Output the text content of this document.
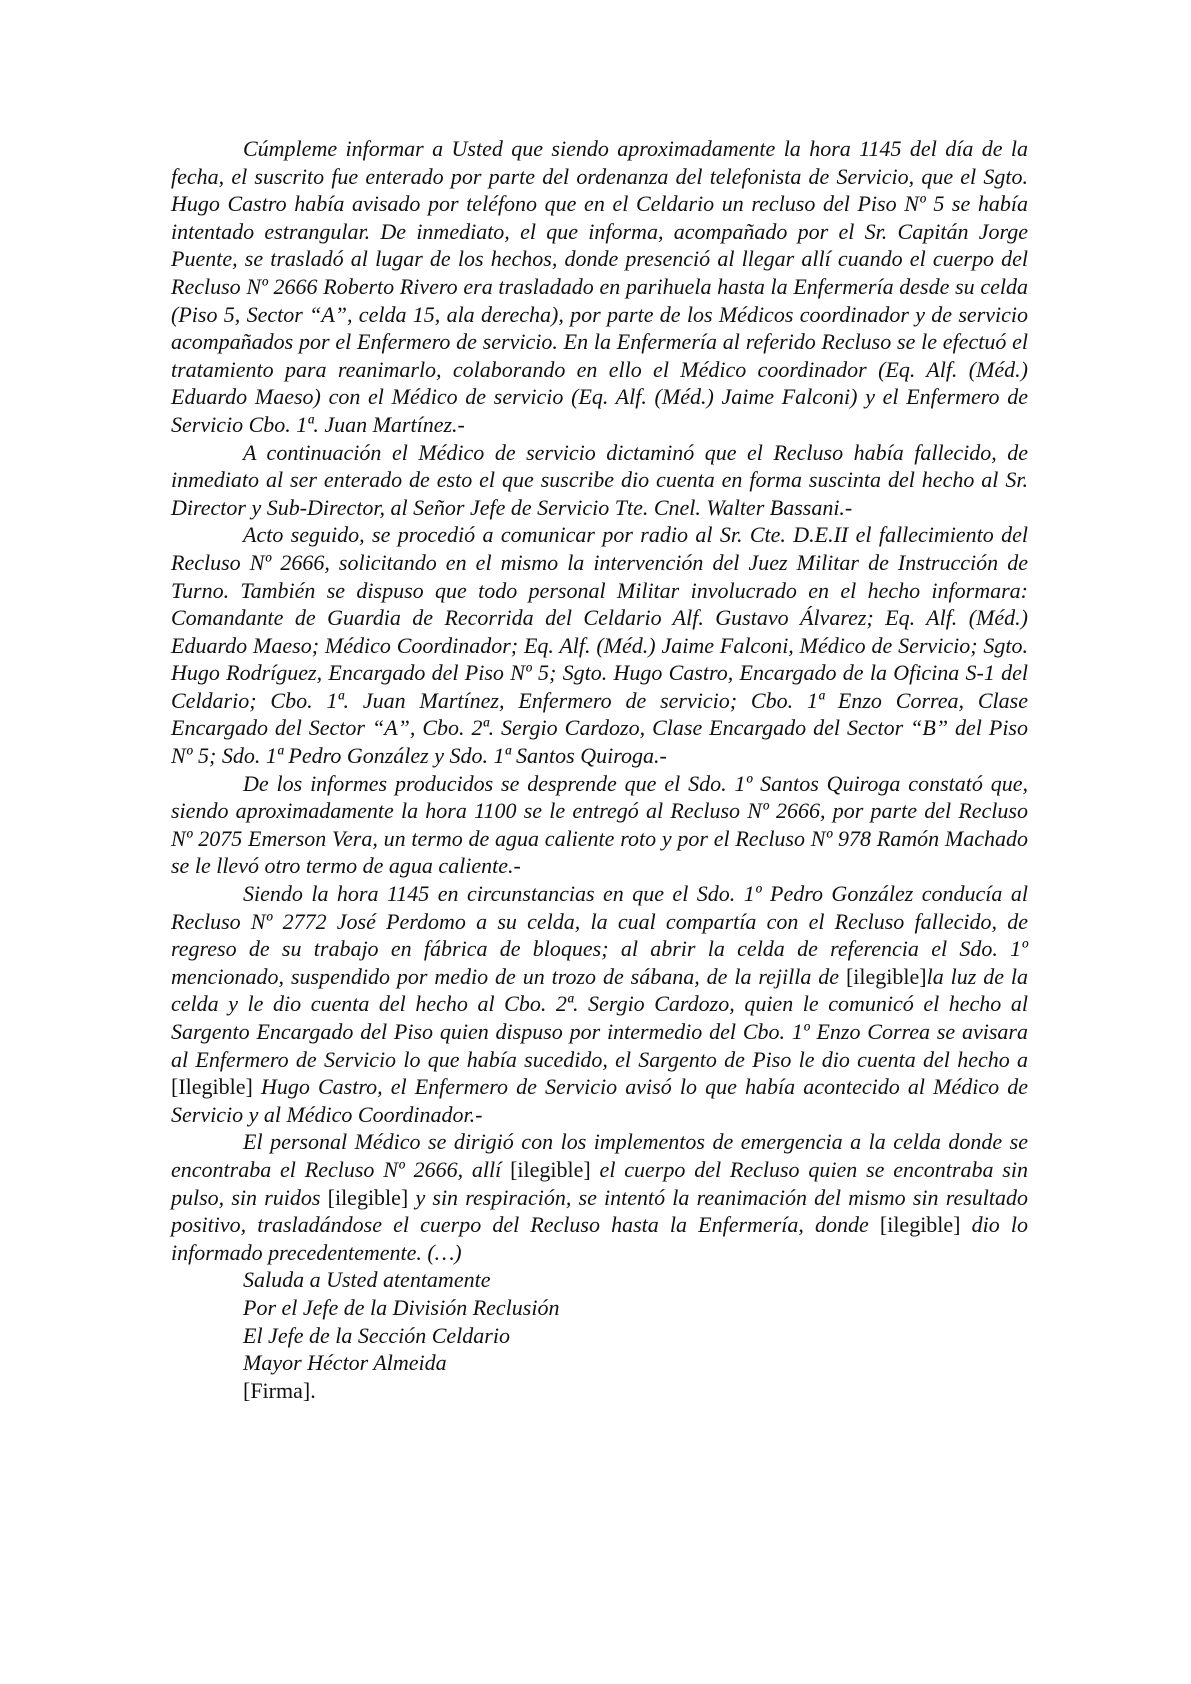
Cúmpleme informar a Usted que siendo aproximadamente la hora 1145 del día de la fecha, el suscrito fue enterado por parte del ordenanza del telefonista de Servicio, que el Sgto. Hugo Castro había avisado por teléfono que en el Celdario un recluso del Piso Nº 5 se había intentado estrangular. De inmediato, el que informa, acompañado por el Sr. Capitán Jorge Puente, se trasladó al lugar de los hechos, donde presenció al llegar allí cuando el cuerpo del Recluso Nº 2666 Roberto Rivero era trasladado en parihuela hasta la Enfermería desde su celda (Piso 5, Sector “A”, celda 15, ala derecha), por parte de los Médicos coordinador y de servicio acompañados por el Enfermero de servicio. En la Enfermería al referido Recluso se le efectuó el tratamiento para reanimarlo, colaborando en ello el Médico coordinador (Eq. Alf. (Méd.) Eduardo Maeso) con el Médico de servicio (Eq. Alf. (Méd.) Jaime Falconi) y el Enfermero de Servicio Cbo. 1ª. Juan Martínez.-

A continuación el Médico de servicio dictaminó que el Recluso había fallecido, de inmediato al ser enterado de esto el que suscribe dio cuenta en forma suscinta del hecho al Sr. Director y Sub-Director, al Señor Jefe de Servicio Tte. Cnel. Walter Bassani.-

Acto seguido, se procedió a comunicar por radio al Sr. Cte. D.E.II el fallecimiento del Recluso Nº 2666, solicitando en el mismo la intervención del Juez Militar de Instrucción de Turno. También se dispuso que todo personal Militar involucrado en el hecho informara: Comandante de Guardia de Recorrida del Celdario Alf. Gustavo Álvarez; Eq. Alf. (Méd.) Eduardo Maeso; Médico Coordinador; Eq. Alf. (Méd.) Jaime Falconi, Médico de Servicio; Sgto. Hugo Rodríguez, Encargado del Piso Nº 5; Sgto. Hugo Castro, Encargado de la Oficina S-1 del Celdario; Cbo. 1ª. Juan Martínez, Enfermero de servicio; Cbo. 1ª Enzo Correa, Clase Encargado del Sector “A”, Cbo. 2ª. Sergio Cardozo, Clase Encargado del Sector “B” del Piso Nº 5; Sdo. 1ª Pedro González y Sdo. 1ª Santos Quiroga.-

De los informes producidos se desprende que el Sdo. 1º Santos Quiroga constató que, siendo aproximadamente la hora 1100 se le entregó al Recluso Nº 2666, por parte del Recluso Nº 2075 Emerson Vera, un termo de agua caliente roto y por el Recluso Nº 978 Ramón Machado se le llevó otro termo de agua caliente.-

Siendo la hora 1145 en circunstancias en que el Sdo. 1º Pedro González conducía al Recluso Nº 2772 José Perdomo a su celda, la cual compartía con el Recluso fallecido, de regreso de su trabajo en fábrica de bloques; al abrir la celda de referencia el Sdo. 1º mencionado, suspendido por medio de un trozo de sábana, de la rejilla de [ilegible]la luz de la celda y le dio cuenta del hecho al Cbo. 2ª. Sergio Cardozo, quien le comunicó el hecho al Sargento Encargado del Piso quien dispuso por intermedio del Cbo. 1º Enzo Correa se avisara al Enfermero de Servicio lo que había sucedido, el Sargento de Piso le dio cuenta del hecho a [Ilegible] Hugo Castro, el Enfermero de Servicio avisó lo que había acontecido al Médico de Servicio y al Médico Coordinador.-

El personal Médico se dirigió con los implementos de emergencia a la celda donde se encontraba el Recluso Nº 2666, allí [ilegible] el cuerpo del Recluso quien se encontraba sin pulso, sin ruidos [ilegible] y sin respiración, se intentó la reanimación del mismo sin resultado positivo, trasladándose el cuerpo del Recluso hasta la Enfermería, donde [ilegible] dio lo informado precedentemente. (…)

Saluda a Usted atentamente
Por el Jefe de la División Reclusión
El Jefe de la Sección Celdario
Mayor Héctor Almeida
[Firma].
